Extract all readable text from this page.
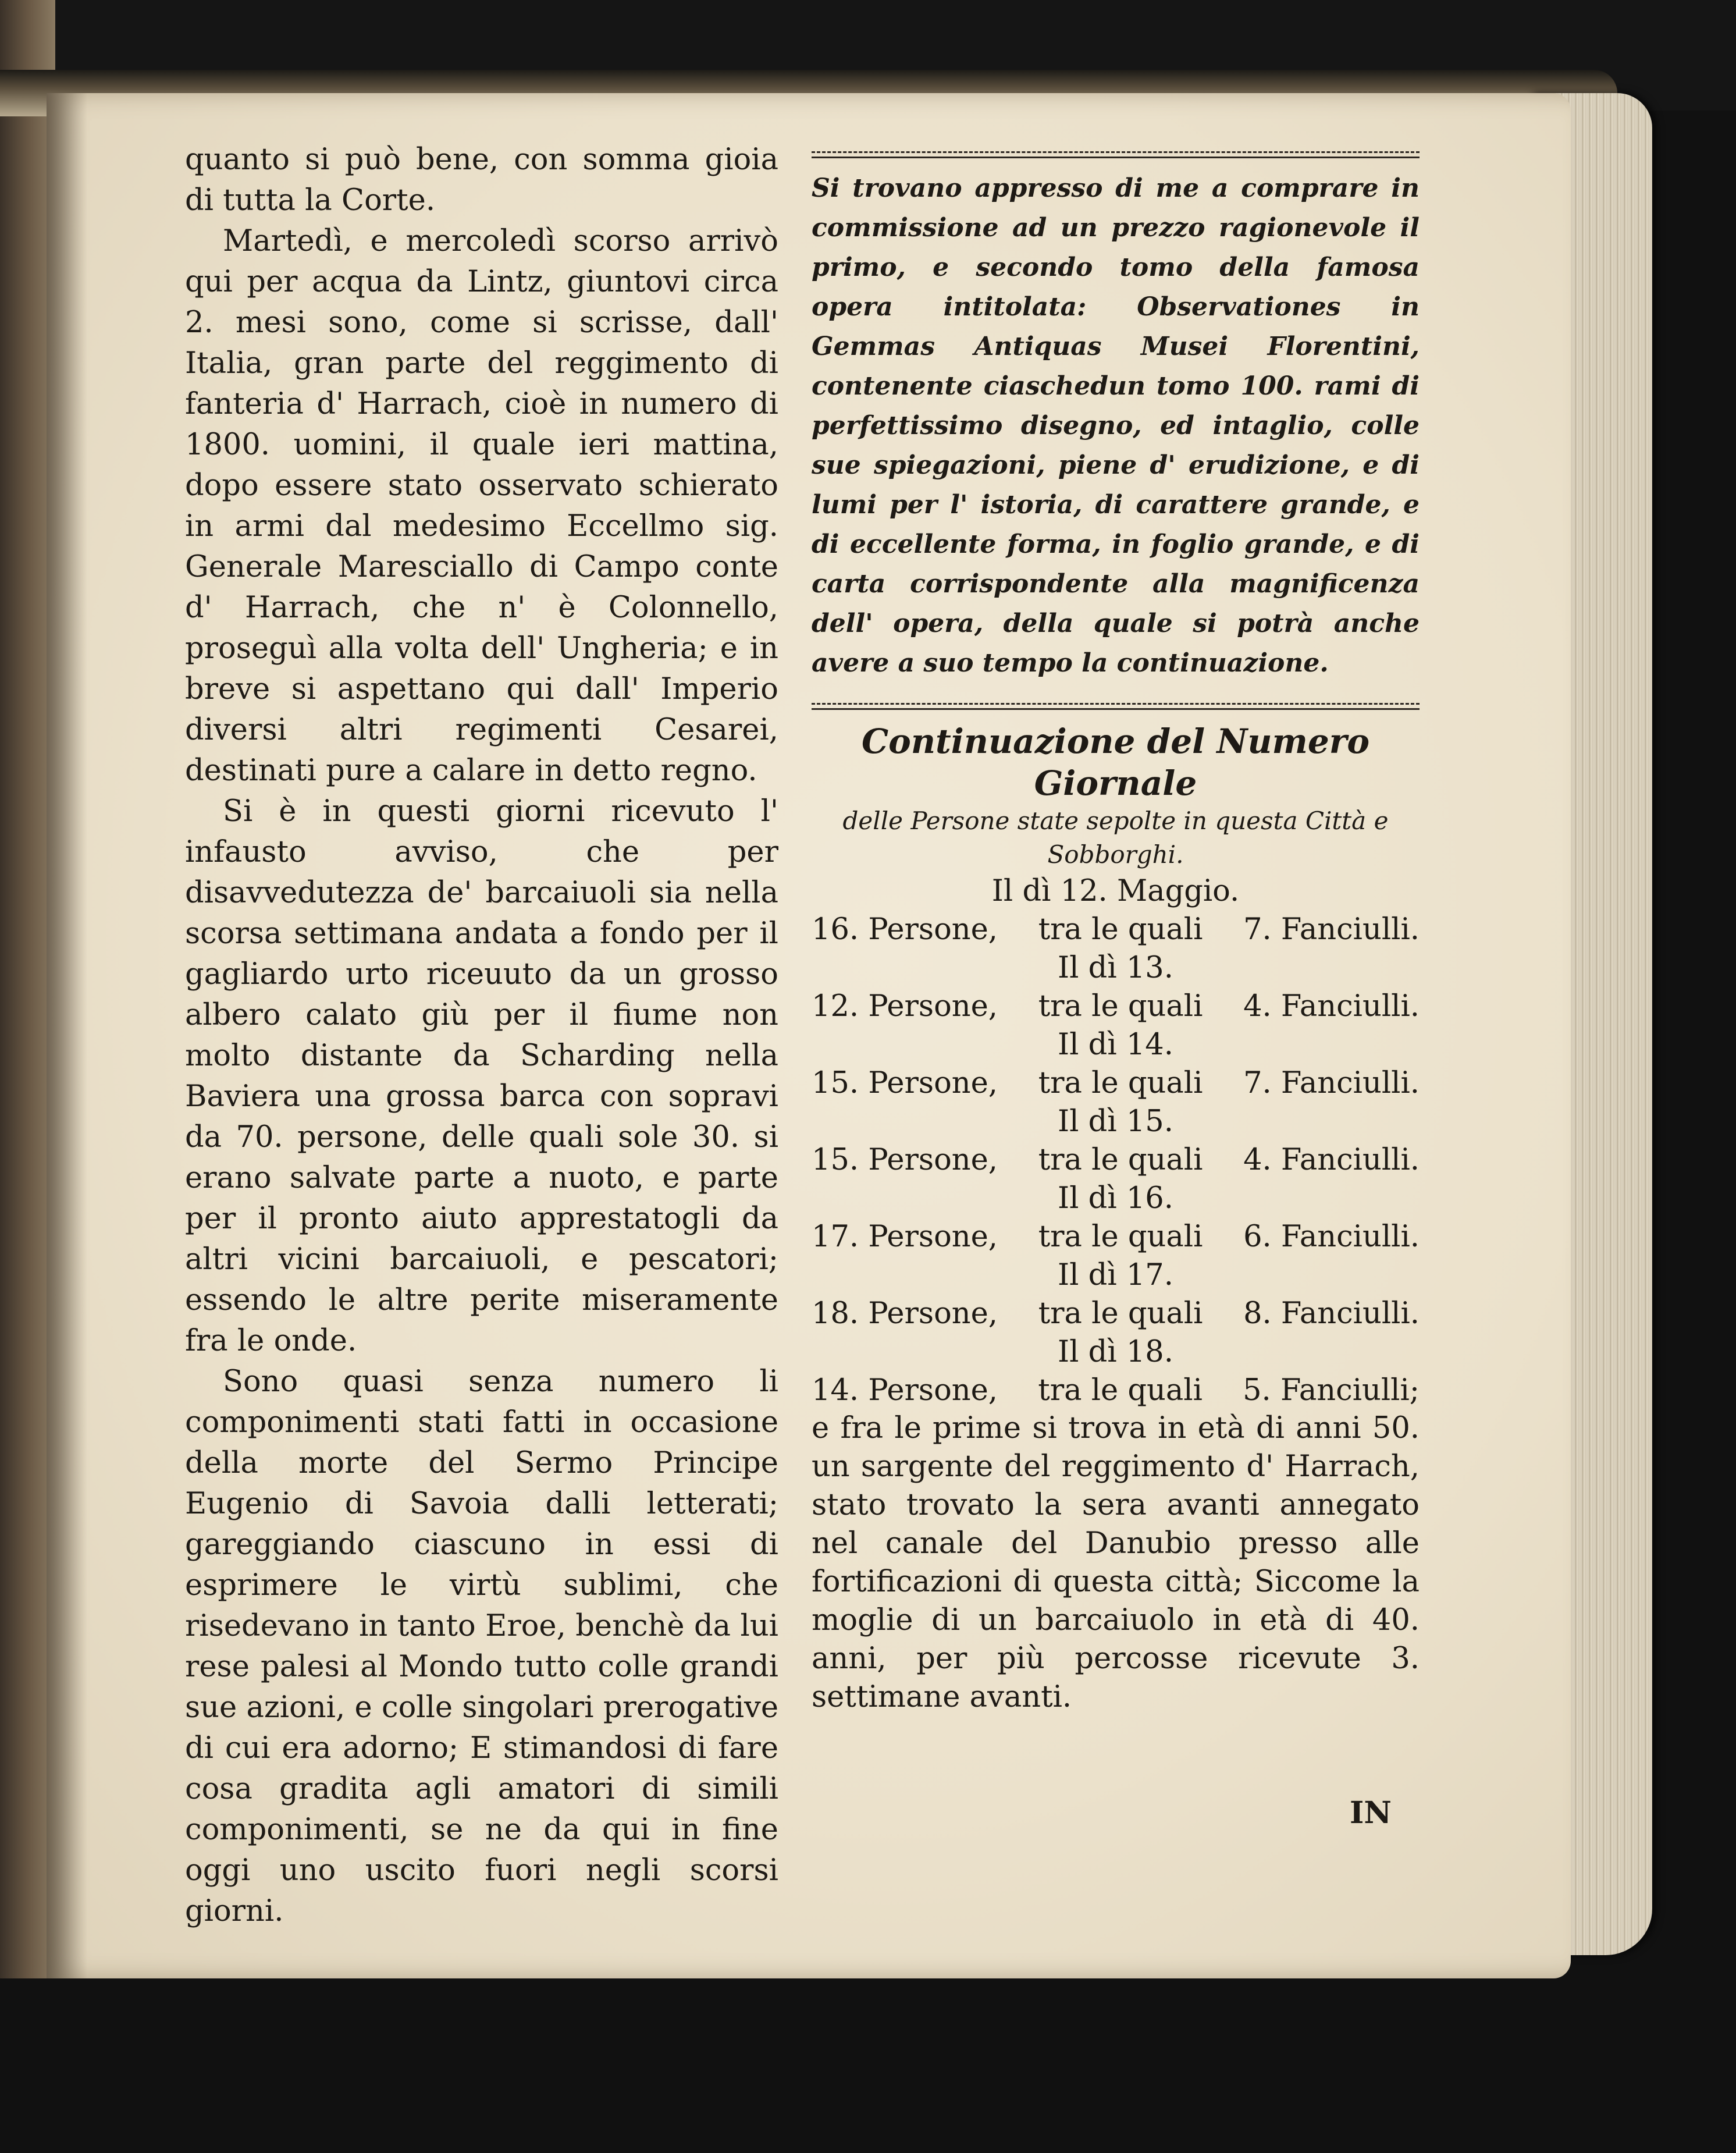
quanto si può bene, con somma gioia di tutta la Corte.

Martedì, e mercoledì scorso arrivò qui per acqua da Lintz, giuntovi circa 2. mesi sono, come si scrisse, dall' Italia, gran parte del reggimento di fanteria d' Harrach, cioè in numero di 1800. uomini, il quale ieri mattina, dopo essere stato osservato schierato in armi dal medesimo Eccellmo sig. Generale Maresciallo di Campo conte d' Harrach, che n' è Colonnello, proseguì alla volta dell' Ungheria; e in breve si aspettano qui dall' Imperio diversi altri regimenti Cesarei, destinati pure a calare in detto regno.

Si è in questi giorni ricevuto l' infausto avviso, che per disavvedutezza de' barcaiuoli sia nella scorsa settimana andata a fondo per il gagliardo urto riceuuto da un grosso albero calato giù per il fiume non molto distante da Scharding nella Baviera una grossa barca con sopravi da 70. persone, delle quali sole 30. si erano salvate parte a nuoto, e parte per il pronto aiuto apprestatogli da altri vicini barcaiuoli, e pescatori; essendo le altre perite miseramente fra le onde.

Sono quasi senza numero li componimenti stati fatti in occasione della morte del Sermo Principe Eugenio di Savoia dalli letterati; gareggiando ciascuno in essi di esprimere le virtù sublimi, che risedevano in tanto Eroe, benchè da lui rese palesi al Mondo tutto colle grandi sue azioni, e colle singolari prerogative di cui era adorno; E stimandosi di fare cosa gradita agli amatori di simili componimenti, se ne da qui in fine oggi uno uscito fuori negli scorsi giorni.

Si trovano appresso di me a comprare in commissione ad un prezzo ragionevole il primo, e secondo tomo della famosa opera intitolata: Observationes in Gemmas Antiquas Musei Florentini, contenente ciaschedun tomo 100. rami di perfettissimo disegno, ed intaglio, colle sue spiegazioni, piene d' erudizione, e di lumi per l' istoria, di carattere grande, e di eccellente forma, in foglio grande, e di carta corrispondente alla magnificenza dell' opera, della quale si potrà anche avere a suo tempo la continuazione.

Continuazione del Numero Giornale

delle Persone state sepolte in questa Città e Sobborghi.

Il dì 12. Maggio.

16. Persone, tra le quali 7. Fanciulli.

Il dì 13.

12. Persone, tra le quali 4. Fanciulli.

Il dì 14.

15. Persone, tra le quali 7. Fanciulli.

Il dì 15.

15. Persone, tra le quali 4. Fanciulli.

Il dì 16.

17. Persone, tra le quali 6. Fanciulli.

Il dì 17.

18. Persone, tra le quali 8. Fanciulli.

Il dì 18.

14. Persone, tra le quali 5. Fanciulli;

e fra le prime si trova in età di anni 50. un sargente del reggimento d' Harrach, stato trovato la sera avanti annegato nel canale del Danubio presso alle fortificazioni di questa città; Siccome la moglie di un barcaiuolo in età di 40. anni, per più percosse ricevute 3. settimane avanti.

IN
